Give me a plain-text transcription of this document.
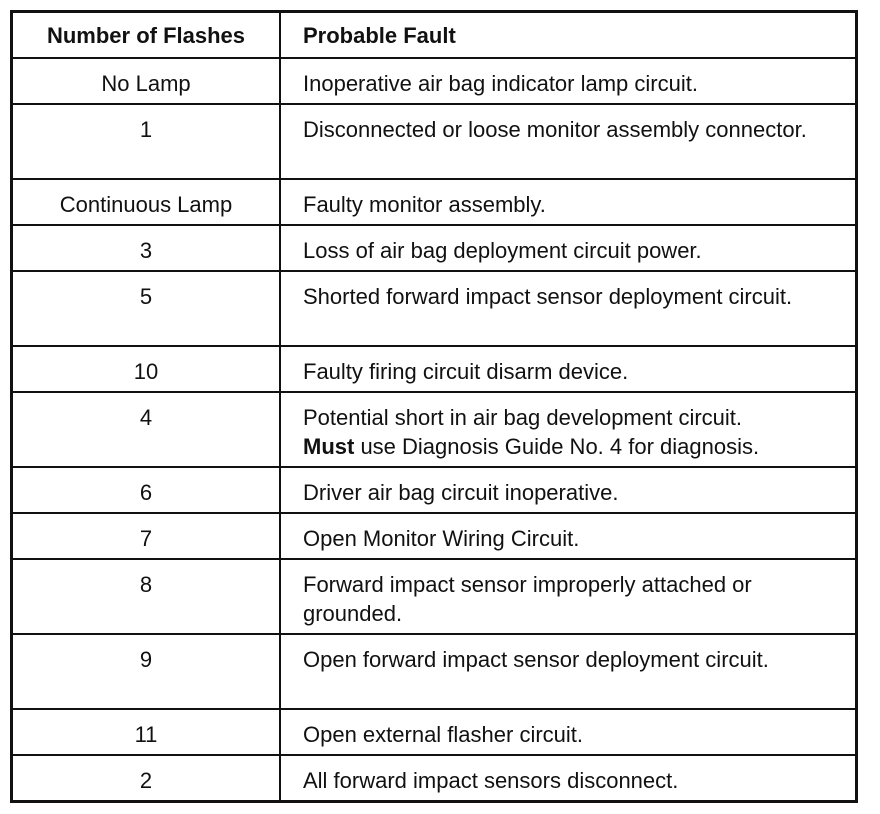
Number of Flashes	Probable Fault
No Lamp	Inoperative air bag indicator lamp circuit.
1	Disconnected or loose monitor assembly connector.
Continuous Lamp	Faulty monitor assembly.
3	Loss of air bag deployment circuit power.
5	Shorted forward impact sensor deployment circuit.
10	Faulty firing circuit disarm device.
4	Potential short in air bag development circuit.
Must use Diagnosis Guide No. 4 for diagnosis.
6	Driver air bag circuit inoperative.
7	Open Monitor Wiring Circuit.
8	Forward impact sensor improperly attached or grounded.
9	Open forward impact sensor deployment circuit.
11	Open external flasher circuit.
2	All forward impact sensors disconnect.
